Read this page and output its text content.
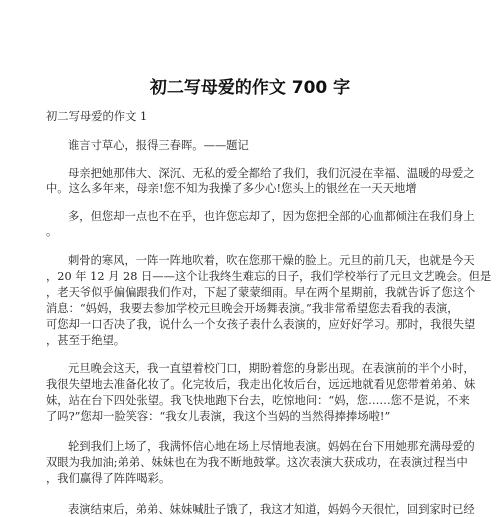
初二写母爱的作文 700 字
初二写母爱的作文 1
谁言寸草心，报得三春晖。——题记
母亲把她那伟大、深沉、无私的爱全都给了我们，我们沉浸在幸福、温暖的母爱之
中。这么多年来，母亲!您不知为我操了多少心!您头上的银丝在一天天地增
多，但您却一点也不在乎，也许您忘却了，因为您把全部的心血都倾注在我们身上
。
刺骨的寒风，一阵一阵地吹着，吹在您那干燥的脸上。元旦的前几天，也就是今天
，20 年 12 月 28 日——这个让我终生难忘的日子，我们学校举行了元旦文艺晚会。但是
，老天爷似乎偏偏跟我们作对，下起了蒙蒙细雨。早在两个星期前，我就告诉了您这个
消息：“妈妈，我要去参加学校元旦晚会开场舞表演。”我非常希望您去看我的表演，
可您却一口否决了我，说什么一个女孩子表什么表演的，应好好学习。那时，我很失望
，甚至于绝望。
元旦晚会这天，我一直望着校门口，期盼着您的身影出现。在表演前的半个小时，
我很失望地去准备化妆了。化完妆后，我走出化妆后台，远远地就看见您带着弟弟、妹
妹，站在台下四处张望。我飞快地跑下台去，吃惊地问：“妈，您……您不是说，不来
了吗?”您却一脸笑容：“我女儿表演，我这个当妈的当然得捧捧场啦!”
轮到我们上场了，我满怀信心地在场上尽情地表演。妈妈在台下用她那充满母爱的
双眼为我加油;弟弟、妹妹也在为我不断地鼓掌。这次表演大获成功，在表演过程当中
，我们赢得了阵阵喝彩。
表演结束后，弟弟、妹妹喊肚子饿了，我这才知道，妈妈今天很忙，回到家时已经
